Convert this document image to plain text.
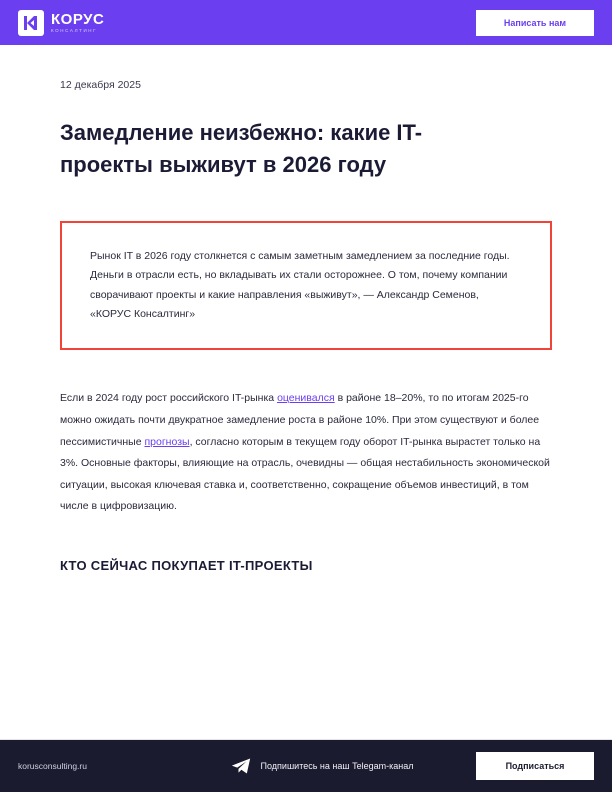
КОРУС
КОНСАЛТИНГ
Написать нам
12 декабря 2025
Замедление неизбежно: какие IT-проекты выживут в 2026 году

Рынок IT в 2026 году столкнется с самым заметным замедлением за последние годы. Деньги в отрасли есть, но вкладывать их стали осторожнее. О том, почему компании сворачивают проекты и какие направления «выживут», — Александр Семенов, «КОРУС Консалтинг»

Если в 2024 году рост российского IT-рынка оценивался в районе 18–20%, то по итогам 2025-го можно ожидать почти двукратное замедление роста в районе 10%. При этом существуют и более пессимистичные прогнозы, согласно которым в текущем году оборот IT-рынка вырастет только на 3%. Основные факторы, влияющие на отрасль, очевидны — общая нестабильность экономической ситуации, высокая ключевая ставка и, соответственно, сокращение объемов инвестиций, в том числе в цифровизацию.

КТО СЕЙЧАС ПОКУПАЕТ IT-ПРОЕКТЫ
korusconsulting.ru	Подпишитесь на наш Telegam-канал	Подписаться
